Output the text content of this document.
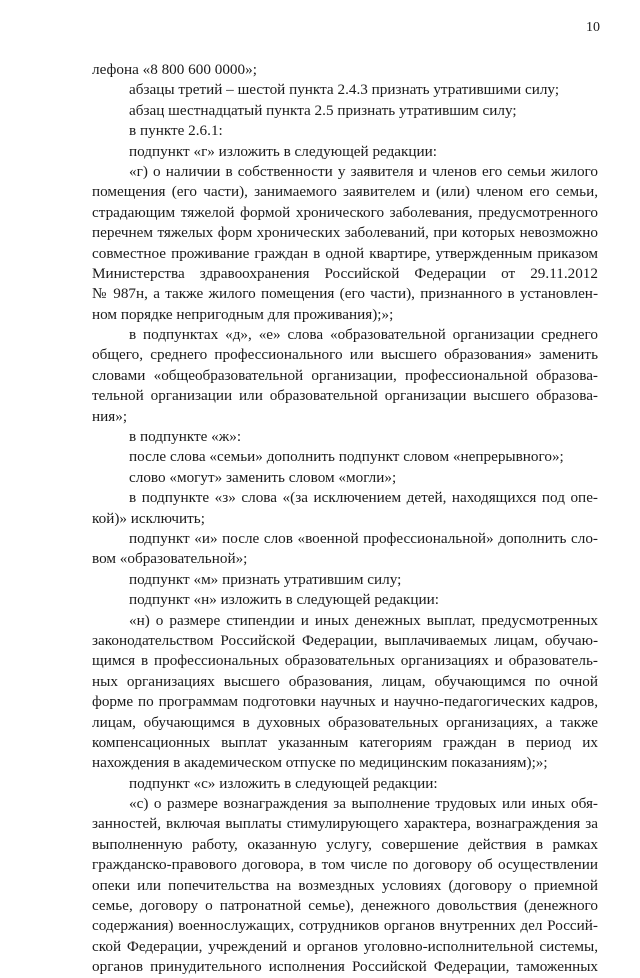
10
лефона «8 800 600 0000»;
абзацы третий – шестой пункта 2.4.3 признать утратившими силу;
абзац шестнадцатый пункта 2.5 признать утратившим силу;
в пункте 2.6.1:
подпункт «г» изложить в следующей редакции:
«г) о наличии в собственности у заявителя и членов его семьи жилого
помещения (его части), занимаемого заявителем и (или) членом его семьи,
страдающим тяжелой формой хронического заболевания, предусмотренного
перечнем тяжелых форм хронических заболеваний, при которых невозможно
совместное проживание граждан в одной квартире, утвержденным приказом
Министерства здравоохранения Российской Федерации от 29.11.2012
№ 987н, а также жилого помещения (его части), признанного в установлен-
ном порядке непригодным для проживания);»;
в подпунктах «д», «е» слова «образовательной организации среднего
общего, среднего профессионального или высшего образования» заменить
словами «общеобразовательной организации, профессиональной образова-
тельной организации или образовательной организации высшего образова-
ния»;
в подпункте «ж»:
после слова «семьи» дополнить подпункт словом «непрерывного»;
слово «могут» заменить словом «могли»;
в подпункте «з» слова «(за исключением детей, находящихся под опе-
кой)» исключить;
подпункт «и» после слов «военной профессиональной» дополнить сло-
вом «образовательной»;
подпункт «м» признать утратившим силу;
подпункт «н» изложить в следующей редакции:
«н) о размере стипендии и иных денежных выплат, предусмотренных
законодательством Российской Федерации, выплачиваемых лицам, обучаю-
щимся в профессиональных образовательных организациях и образователь-
ных организациях высшего образования, лицам, обучающимся по очной
форме по программам подготовки научных и научно-педагогических кадров,
лицам, обучающимся в духовных образовательных организациях, а также
компенсационных выплат указанным категориям граждан в период их
нахождения в академическом отпуске по медицинским показаниям);»;
подпункт «с» изложить в следующей редакции:
«с) о размере вознаграждения за выполнение трудовых или иных обя-
занностей, включая выплаты стимулирующего характера, вознаграждения за
выполненную работу, оказанную услугу, совершение действия в рамках
гражданско-правового договора, в том числе по договору об осуществлении
опеки или попечительства на возмездных условиях (договору о приемной
семье, договору о патронатной семье), денежного довольствия (денежного
содержания) военнослужащих, сотрудников органов внутренних дел Россий-
ской Федерации, учреждений и органов уголовно-исполнительной системы,
органов принудительного исполнения Российской Федерации, таможенных
